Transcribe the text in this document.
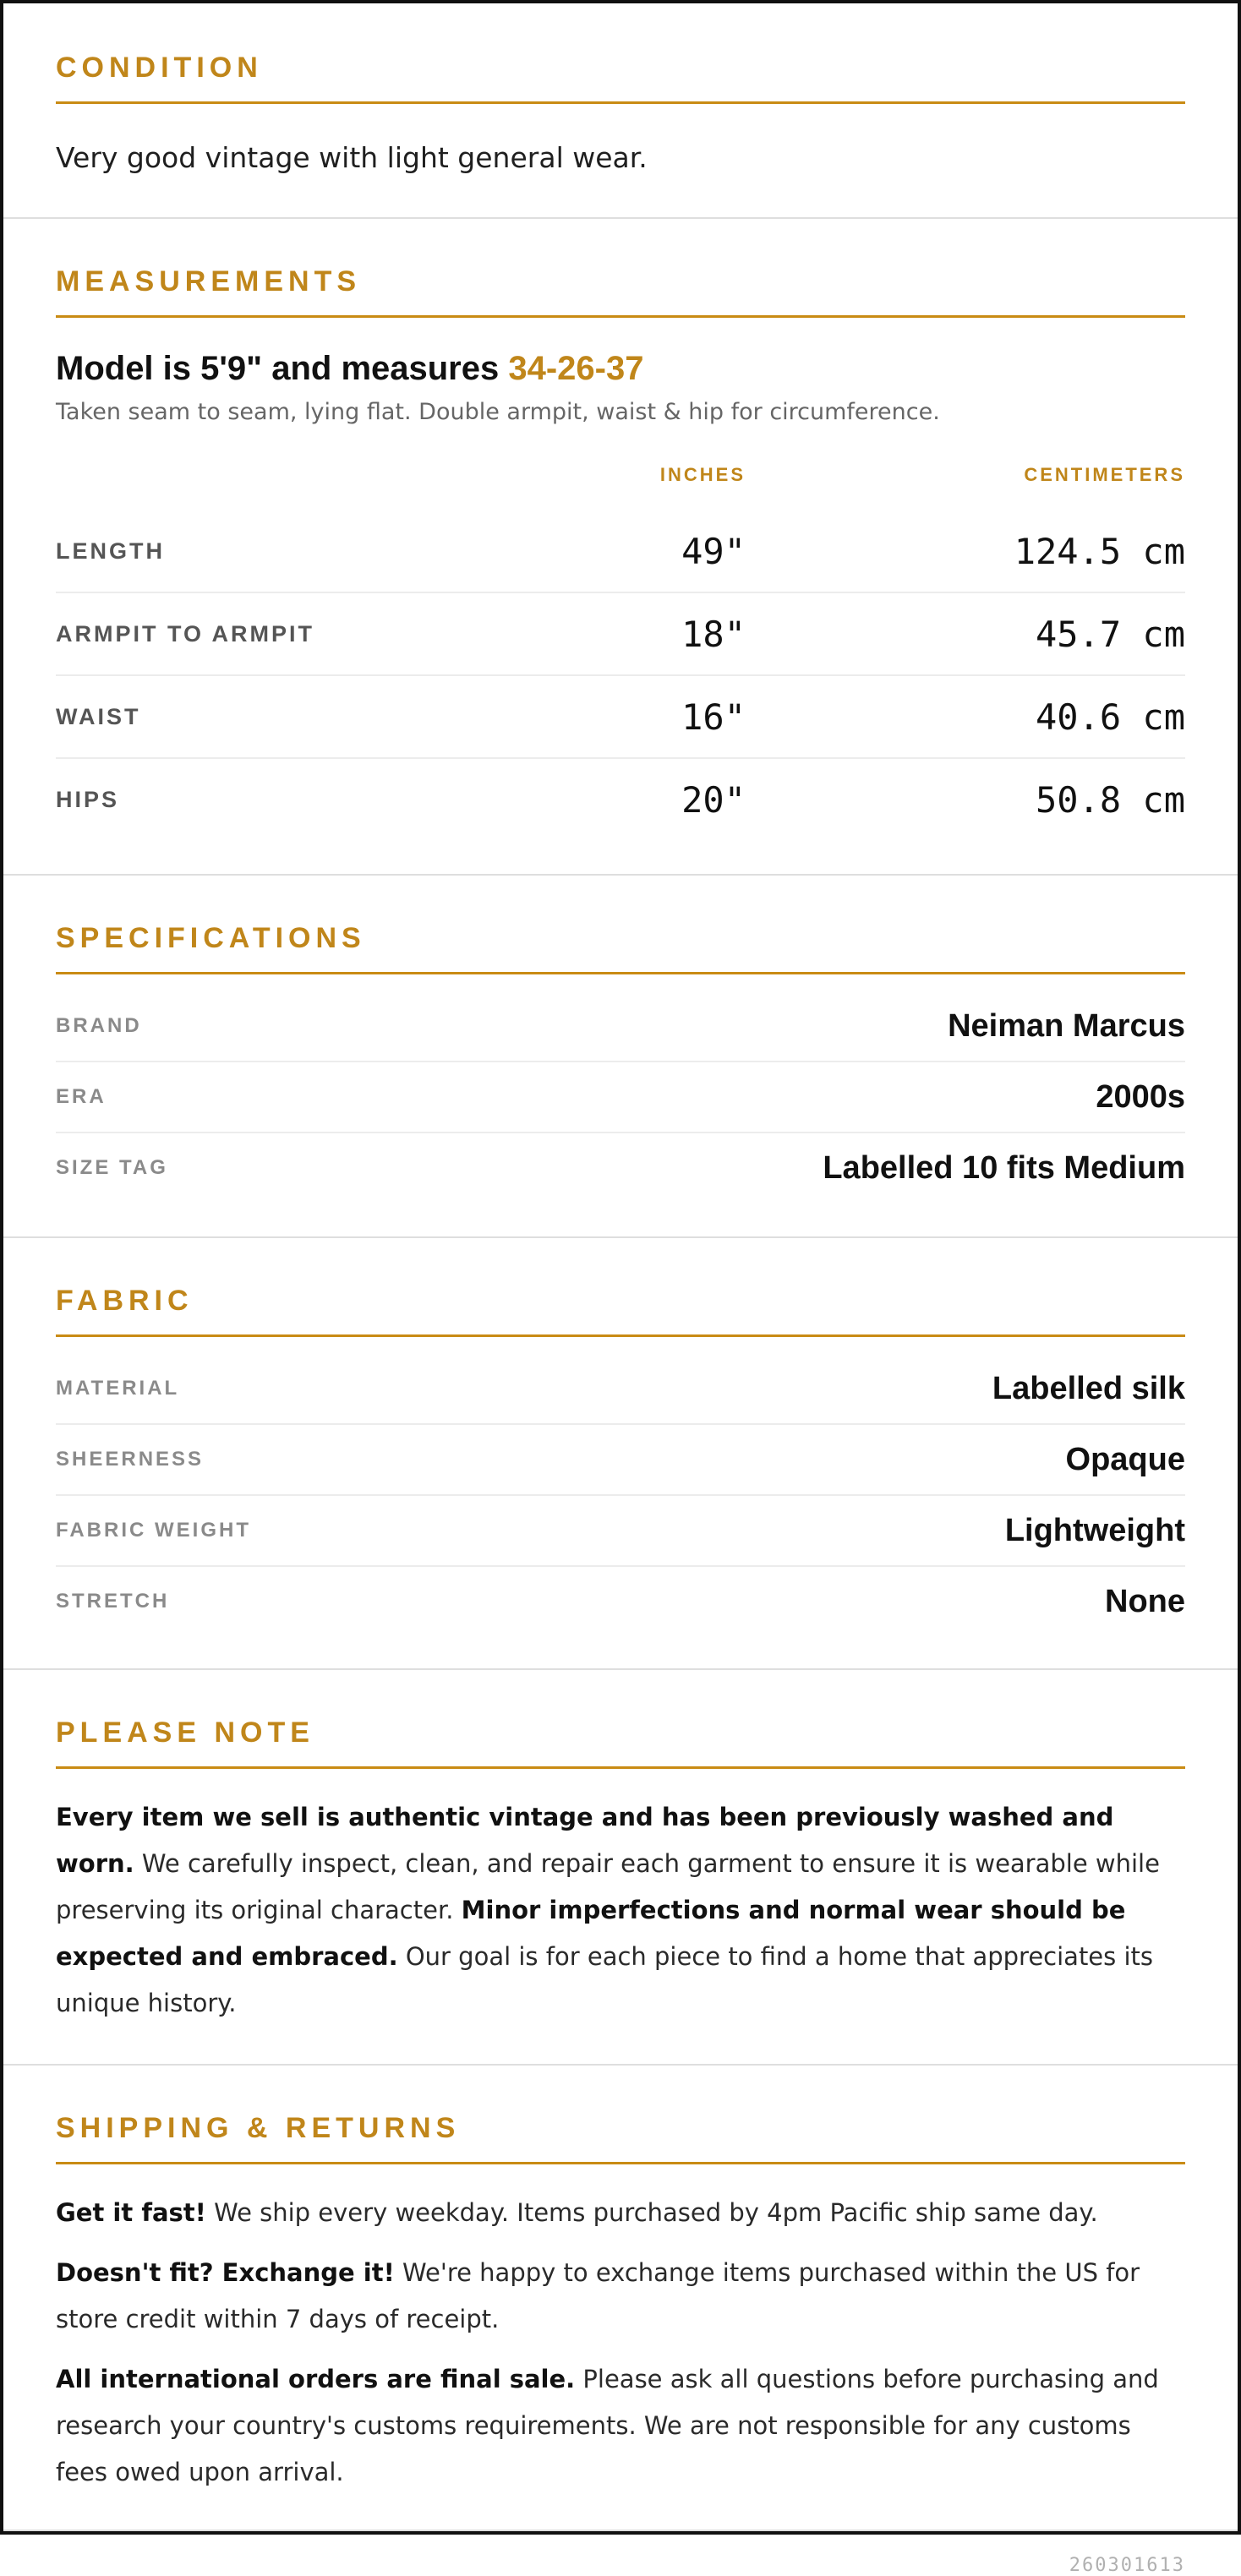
CONDITION
Very good vintage with light general wear.
MEASUREMENTS
Model is 5'9" and measures 34-26-37
Taken seam to seam, lying flat. Double armpit, waist & hip for circumference.
INCHES	CENTIMETERS
LENGTH	49"	124.5 cm
ARMPIT TO ARMPIT	18"	45.7 cm
WAIST	16"	40.6 cm
HIPS	20"	50.8 cm
SPECIFICATIONS
BRAND	Neiman Marcus
ERA	2000s
SIZE TAG	Labelled 10 fits Medium
FABRIC
MATERIAL	Labelled silk
SHEERNESS	Opaque
FABRIC WEIGHT	Lightweight
STRETCH	None
PLEASE NOTE

Every item we sell is authentic vintage and has been previously washed and worn. We carefully inspect, clean, and repair each garment to ensure it is wearable while preserving its original character. Minor imperfections and normal wear should be expected and embraced. Our goal is for each piece to find a home that appreciates its unique history.

SHIPPING & RETURNS

Get it fast! We ship every weekday. Items purchased by 4pm Pacific ship same day.

Doesn't fit? Exchange it! We're happy to exchange items purchased within the US for store credit within 7 days of receipt.

All international orders are final sale. Please ask all questions before purchasing and research your country's customs requirements. We are not responsible for any customs fees owed upon arrival.

260301613
